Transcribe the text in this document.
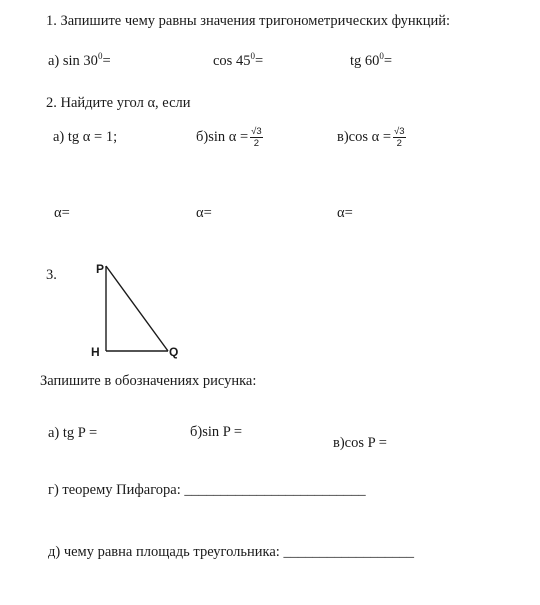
1. Запишите чему равны значения тригонометрических функций:
а) $\sin 30^0=$	$\cos 45^0=$	tg $60^0=$
2. Найдите угол α, если
а) tg α = 1;	б)sin $\alpha = \frac{√3}{2}$	в)cos $\alpha = \frac{√3}{2}$
α=	α=	α=
3.	P
H	Q
Запишите в обозначениях рисунка:
а) tg P =	б)sin P =
в)cos P =
г) теорему Пифагора: _________________________
д) чему равна площадь треугольника: __________________
